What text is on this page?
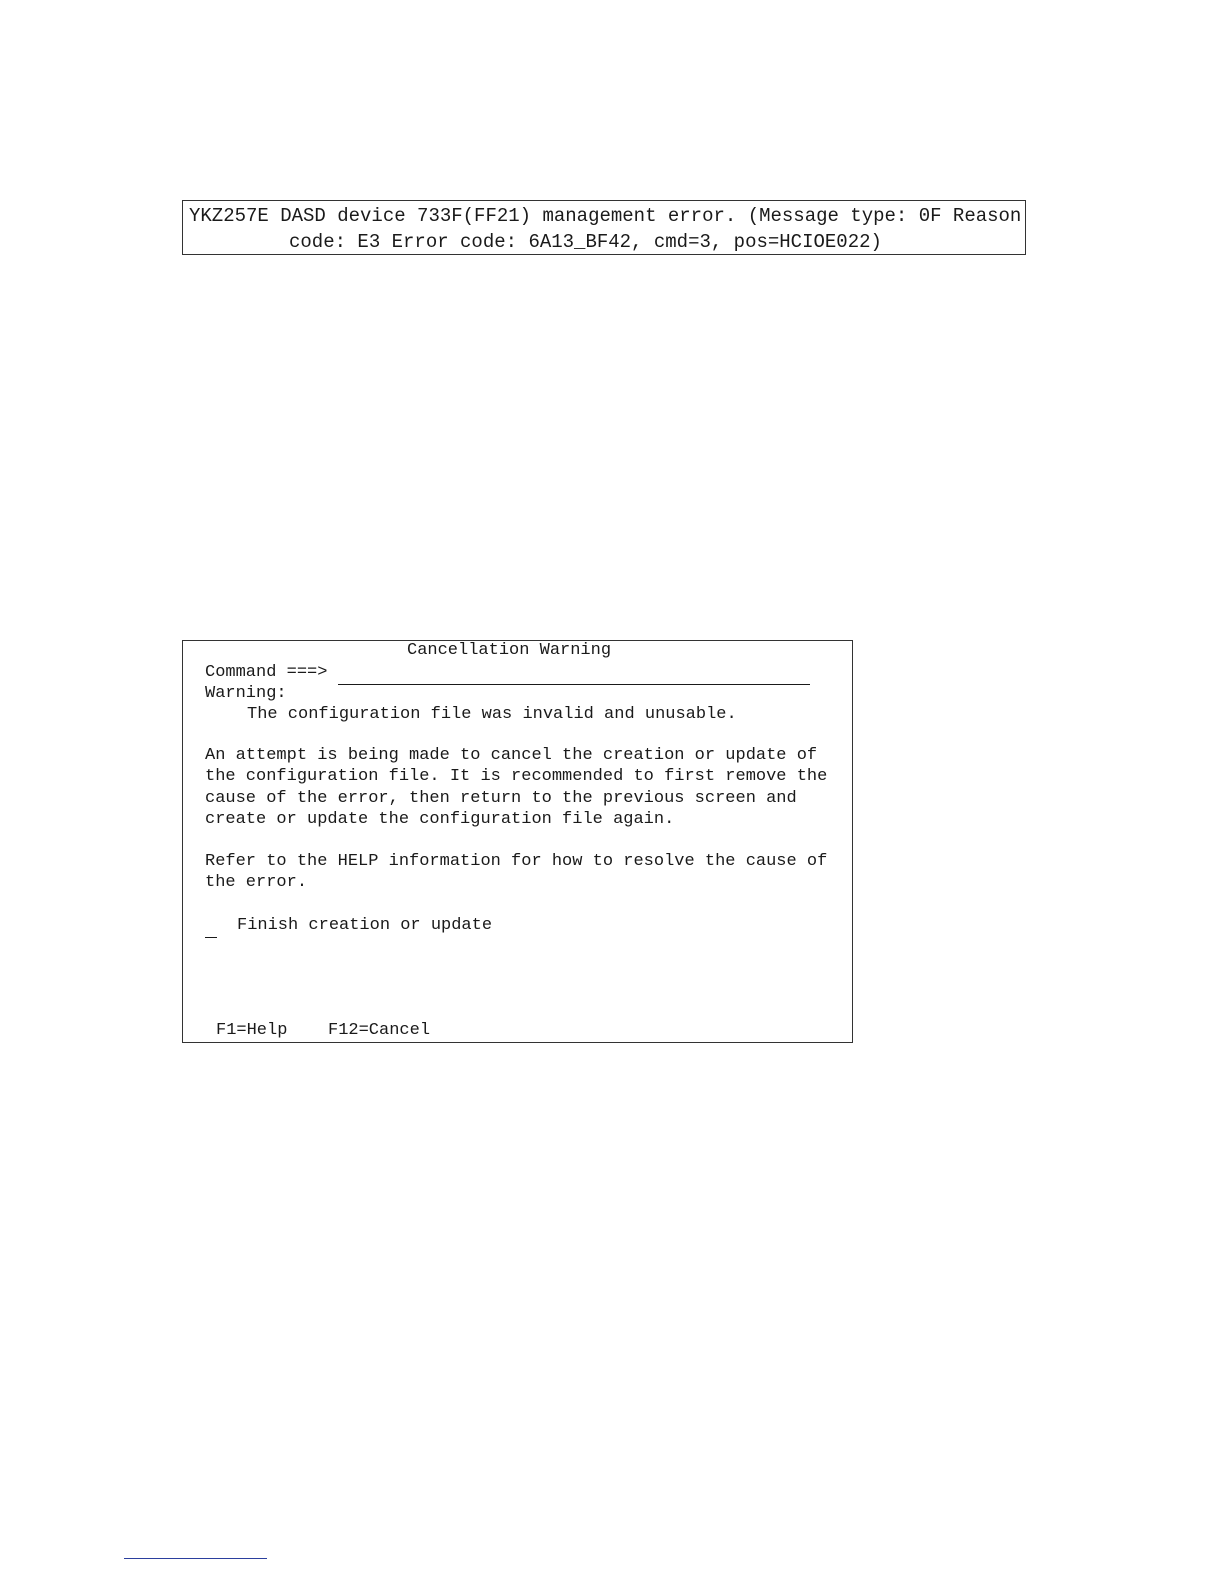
YKZ257E DASD device 733F(FF21) management error. (Message type: 0F Reason
code: E3 Error code: 6A13_BF42, cmd=3, pos=HCIOE022)
Cancellation Warning
Command ===>
Warning:
The configuration file was invalid and unusable.
An attempt is being made to cancel the creation or update of
the configuration file. It is recommended to first remove the
cause of the error, then return to the previous screen and
create or update the configuration file again.
Refer to the HELP information for how to resolve the cause of
the error.
Finish creation or update
F1=Help F12=Cancel
